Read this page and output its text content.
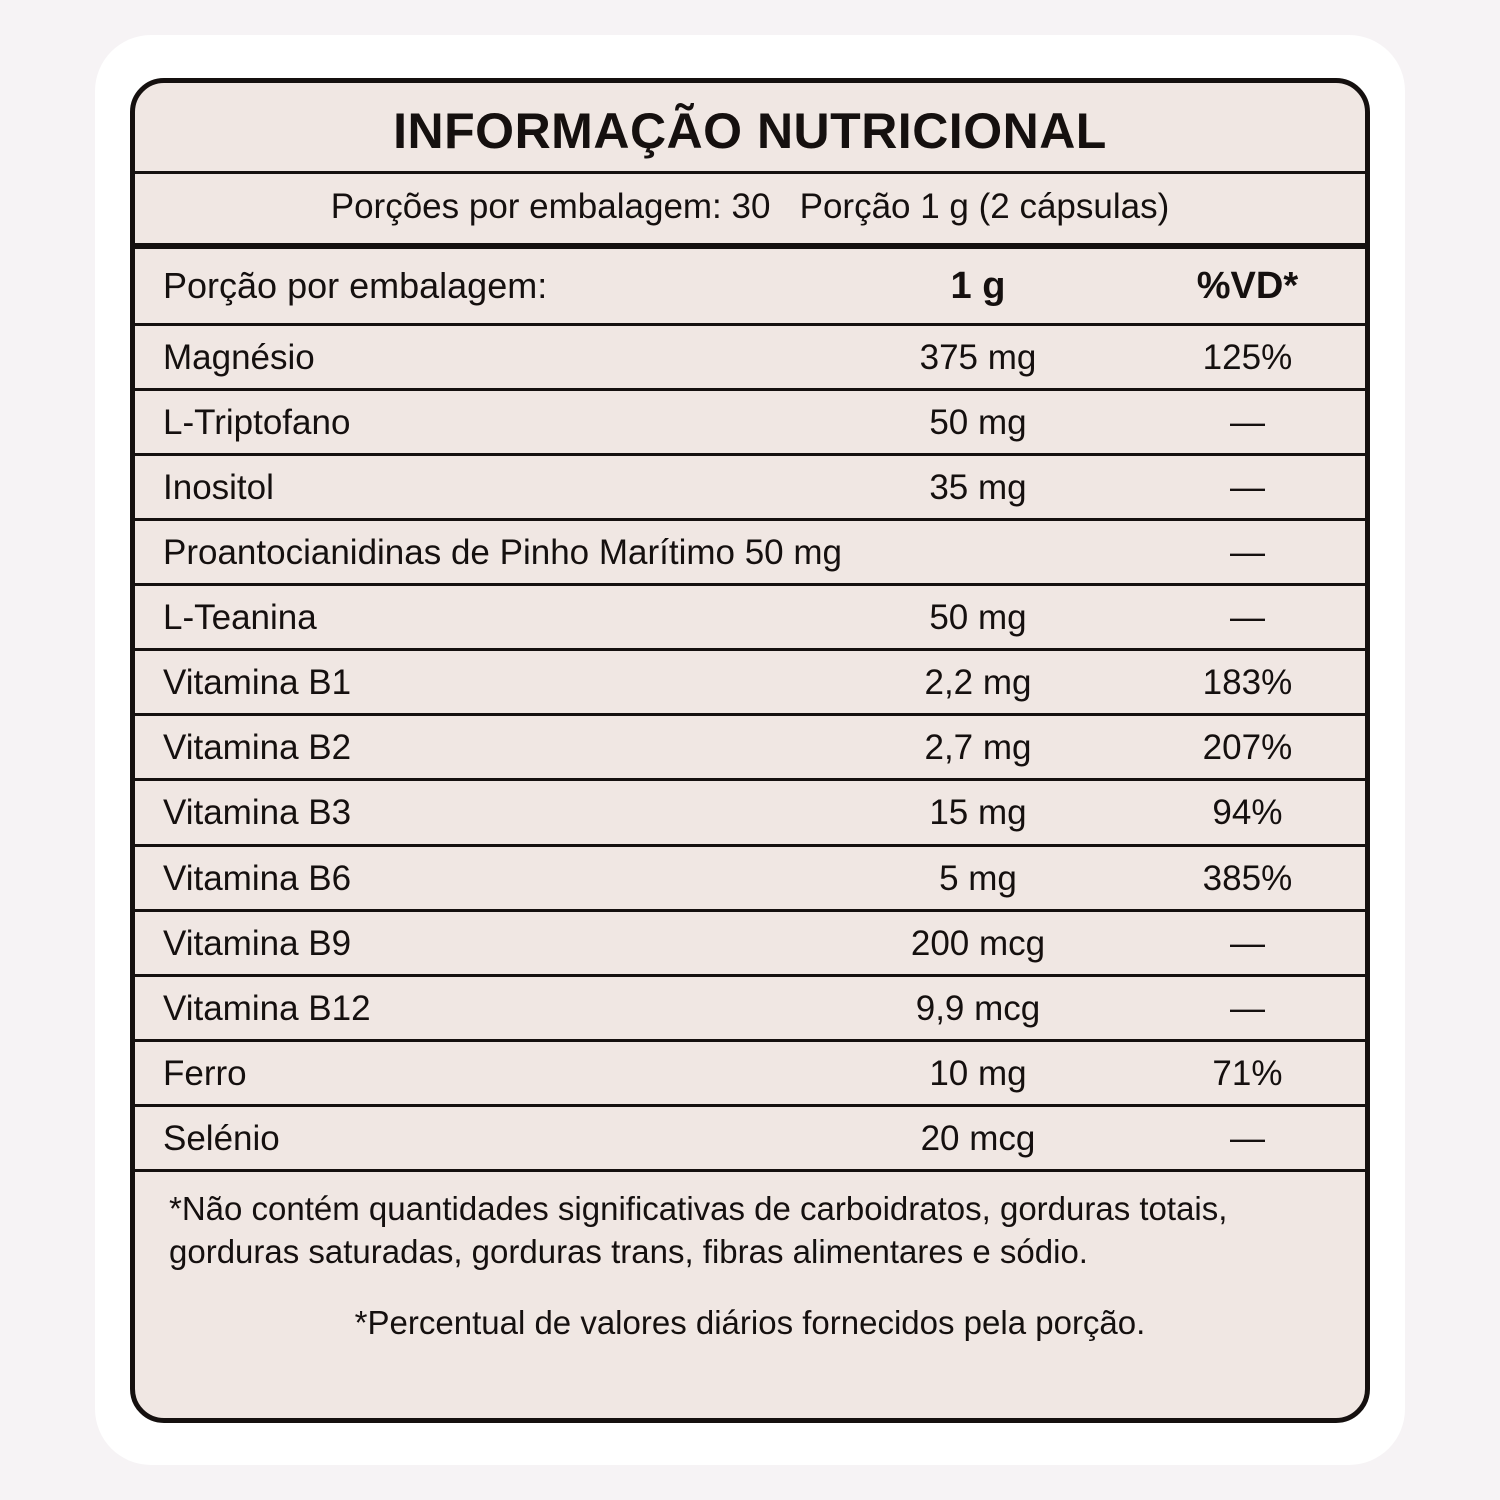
INFORMAÇÃO NUTRICIONAL
Porções por embalagem: 30   Porção 1 g (2 cápsulas)
Porção por embalagem:	1 g	%VD*
Magnésio	375 mg	125%
L-Triptofano	50 mg	—
Inositol	35 mg	—
Proantocianidinas de Pinho Marítimo 50 mg		—
L-Teanina	50 mg	—
Vitamina B1	2,2 mg	183%
Vitamina B2	2,7 mg	207%
Vitamina B3	15 mg	94%
Vitamina B6	5 mg	385%
Vitamina B9	200 mcg	—
Vitamina B12	9,9 mcg	—
Ferro	10 mg	71%
Selénio	20 mcg	—
*Não contém quantidades significativas de carboidratos, gorduras totais, gorduras saturadas, gorduras trans, fibras alimentares e sódio.
*Percentual de valores diários fornecidos pela porção.
